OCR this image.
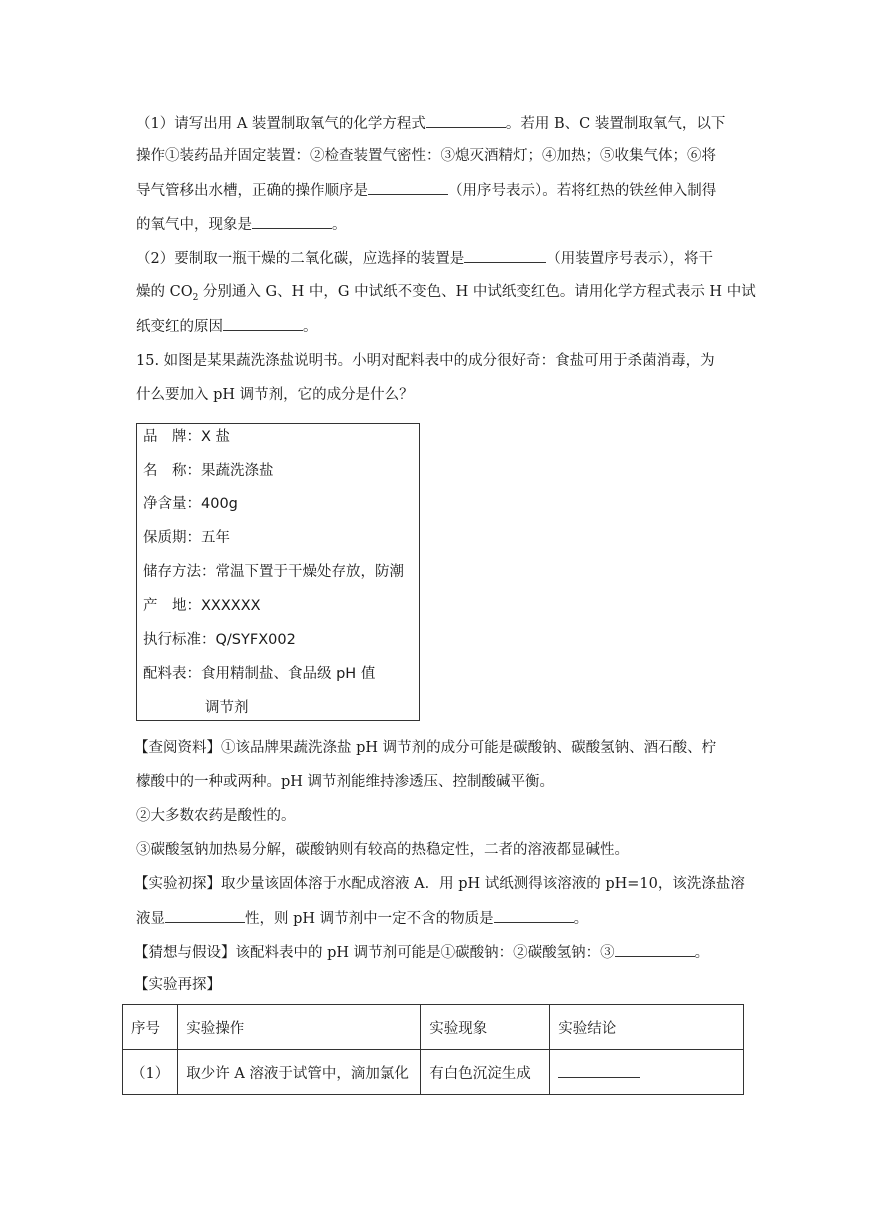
（1）请写出用 A 装置制取氧气的化学方程式	。若用 B、C 装置制取氧气，以下
操作①装药品并固定装置：②检查装置气密性：③熄灭酒精灯；④加热；⑤收集气体；⑥将
导气管移出水槽，正确的操作顺序是	（用序号表示）。若将红热的铁丝伸入制得
的氧气中，现象是	。
（2）要制取一瓶干燥的二氧化碳，应选择的装置是	（用装置序号表示），将干
燥的 $CO_2$ 分别通入 G、H 中，G 中试纸不变色、H 中试纸变红色。请用化学方程式表示 H 中试
纸变红的原因	。
15. 如图是某果蔬洗涤盐说明书。小明对配料表中的成分很好奇：食盐可用于杀菌消毒，为
什么要加入 pH 调节剂，它的成分是什么？
品　牌：X 盐
名　称：果蔬洗涤盐
净含量：400g
保质期：五年
储存方法：常温下置于干燥处存放，防潮
产　地：XXXXXX
执行标准：Q/SYFX002
配料表：食用精制盐、食品级 pH 值
调节剂
【查阅资料】①该品牌果蔬洗涤盐 pH 调节剂的成分可能是碳酸钠、碳酸氢钠、酒石酸、柠
檬酸中的一种或两种。pH 调节剂能维持渗透压、控制酸碱平衡。
②大多数农药是酸性的。
③碳酸氢钠加热易分解，碳酸钠则有较高的热稳定性，二者的溶液都显碱性。
【实验初探】取少量该固体溶于水配成溶液 A．用 pH 试纸测得该溶液的 pH=10，该洗涤盐溶
液显	性，则 pH 调节剂中一定不含的物质是	。
【猜想与假设】该配料表中的 pH 调节剂可能是①碳酸钠：②碳酸氢钠：③	。
【实验再探】
序号	实验操作	实验现象	实验结论
（1）	取少许 A 溶液于试管中，滴加氯化	有白色沉淀生成	
